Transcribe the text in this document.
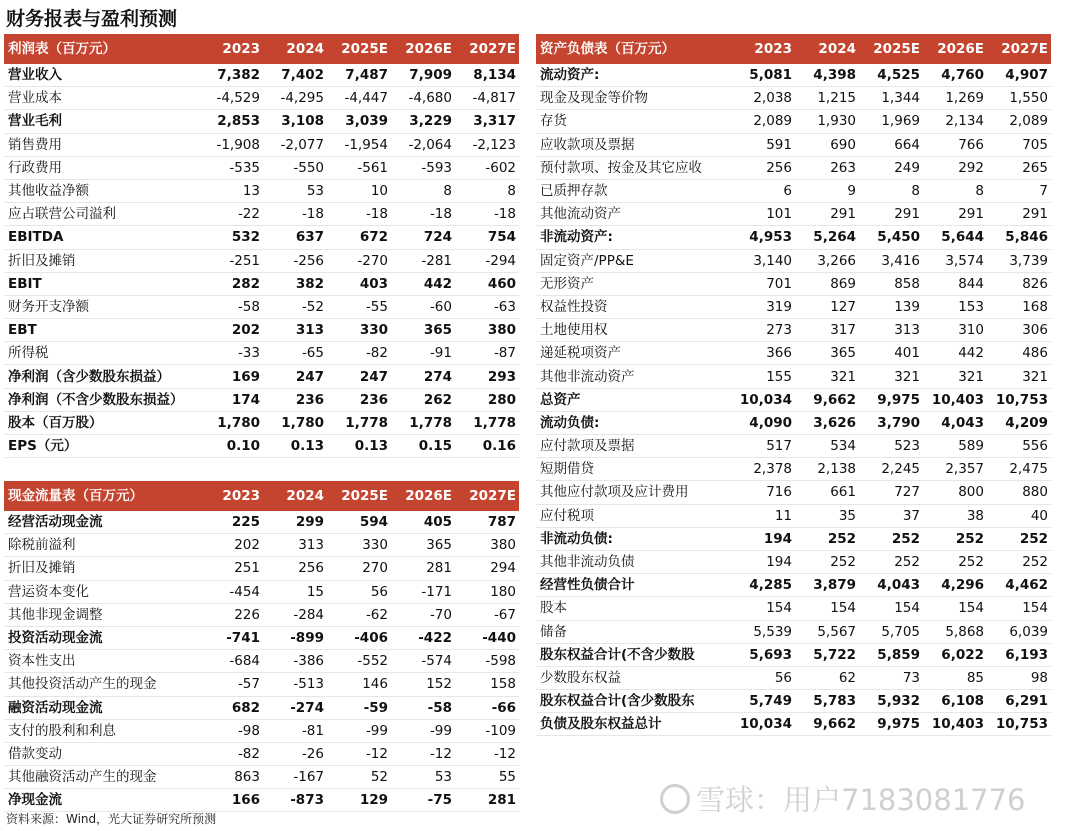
财务报表与盈利预测
利润表（百万元）	2023	2024	2025E	2026E	2027E
营业收入	7,382	7,402	7,487	7,909	8,134
营业成本	-4,529	-4,295	-4,447	-4,680	-4,817
营业毛利	2,853	3,108	3,039	3,229	3,317
销售费用	-1,908	-2,077	-1,954	-2,064	-2,123
行政费用	-535	-550	-561	-593	-602
其他收益净额	13	53	10	8	8
应占联营公司溢利	-22	-18	-18	-18	-18
EBITDA	532	637	672	724	754
折旧及摊销	-251	-256	-270	-281	-294
EBIT	282	382	403	442	460
财务开支净额	-58	-52	-55	-60	-63
EBT	202	313	330	365	380
所得税	-33	-65	-82	-91	-87
净利润（含少数股东损益）	169	247	247	274	293
净利润（不含少数股东损益）	174	236	236	262	280
股本（百万股）	1,780	1,780	1,778	1,778	1,778
EPS（元）	0.10	0.13	0.13	0.15	0.16
现金流量表（百万元）	2023	2024	2025E	2026E	2027E
经营活动现金流	225	299	594	405	787
除税前溢利	202	313	330	365	380
折旧及摊销	251	256	270	281	294
营运资本变化	-454	15	56	-171	180
其他非现金调整	226	-284	-62	-70	-67
投资活动现金流	-741	-899	-406	-422	-440
资本性支出	-684	-386	-552	-574	-598
其他投资活动产生的现金	-57	-513	146	152	158
融资活动现金流	682	-274	-59	-58	-66
支付的股利和利息	-98	-81	-99	-99	-109
借款变动	-82	-26	-12	-12	-12
其他融资活动产生的现金	863	-167	52	53	55
净现金流	166	-873	129	-75	281
资产负债表（百万元）	2023	2024	2025E	2026E	2027E
流动资产:	5,081	4,398	4,525	4,760	4,907
现金及现金等价物	2,038	1,215	1,344	1,269	1,550
存货	2,089	1,930	1,969	2,134	2,089
应收款项及票据	591	690	664	766	705
预付款项、按金及其它应收	256	263	249	292	265
已质押存款	6	9	8	8	7
其他流动资产	101	291	291	291	291
非流动资产:	4,953	5,264	5,450	5,644	5,846
固定资产/PP&E	3,140	3,266	3,416	3,574	3,739
无形资产	701	869	858	844	826
权益性投资	319	127	139	153	168
土地使用权	273	317	313	310	306
递延税项资产	366	365	401	442	486
其他非流动资产	155	321	321	321	321
总资产	10,034	9,662	9,975	10,403	10,753
流动负债:	4,090	3,626	3,790	4,043	4,209
应付款项及票据	517	534	523	589	556
短期借贷	2,378	2,138	2,245	2,357	2,475
其他应付款项及应计费用	716	661	727	800	880
应付税项	11	35	37	38	40
非流动负债:	194	252	252	252	252
其他非流动负债	194	252	252	252	252
经营性负债合计	4,285	3,879	4,043	4,296	4,462
股本	154	154	154	154	154
储备	5,539	5,567	5,705	5,868	6,039
股东权益合计(不含少数股	5,693	5,722	5,859	6,022	6,193
少数股东权益	56	62	73	85	98
股东权益合计(含少数股东	5,749	5,783	5,932	6,108	6,291
负债及股东权益总计	10,034	9,662	9,975	10,403	10,753
雪球：用户7183081776
资料来源：Wind，光大证券研究所预测
